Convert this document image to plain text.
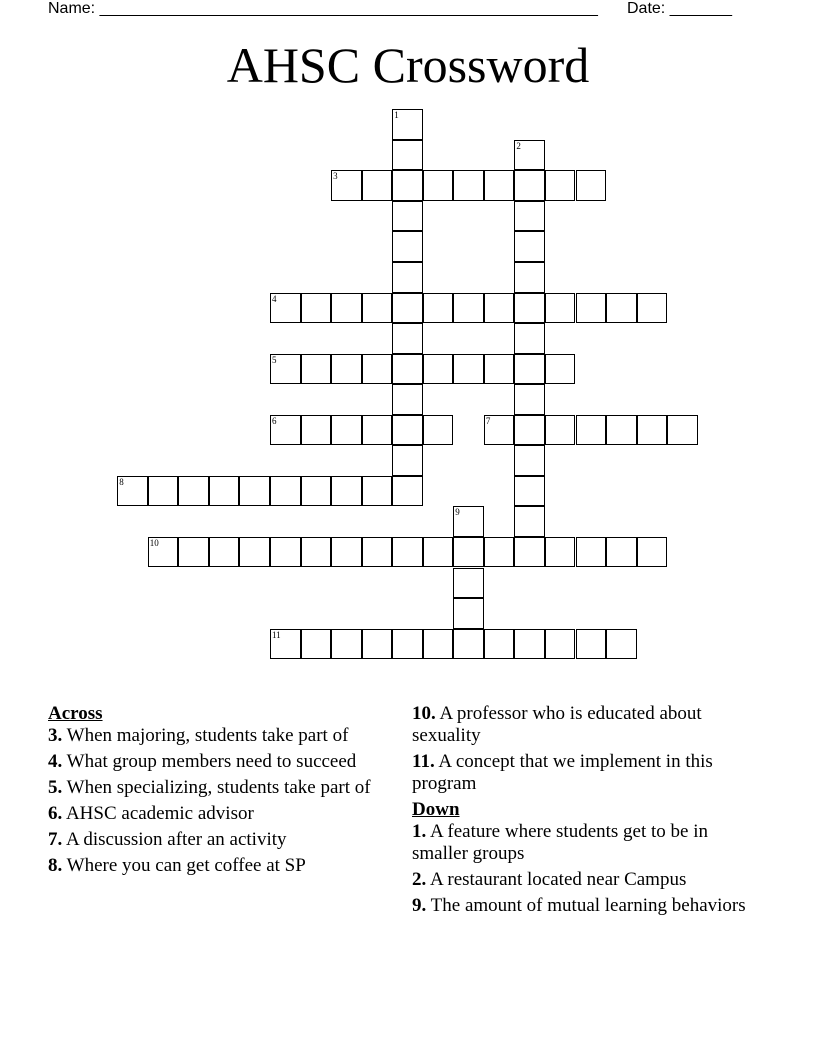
Name: ________________________________________________________ Date: _______
AHSC Crossword
1
2
3
4
5
6	7
8
9
10
11
Across
3. When majoring, students take part of
4. What group members need to succeed
5. When specializing, students take part of
6. AHSC academic advisor
7. A discussion after an activity
8. Where you can get coffee at SP
10. A professor who is educated about sexuality
11. A concept that we implement in this program
Down
1. A feature where students get to be in smaller groups
2. A restaurant located near Campus
9. The amount of mutual learning behaviors
